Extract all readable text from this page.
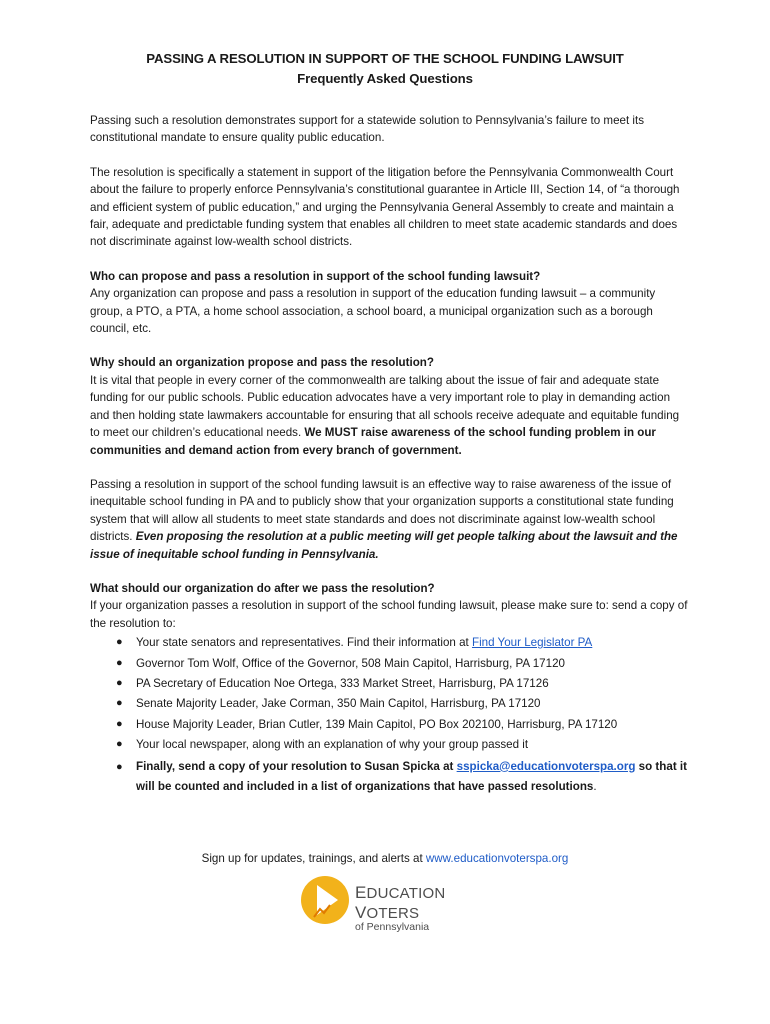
PASSING A RESOLUTION IN SUPPORT OF THE SCHOOL FUNDING LAWSUIT
Frequently Asked Questions

Passing such a resolution demonstrates support for a statewide solution to Pennsylvania’s failure to meet its constitutional mandate to ensure quality public education.

The resolution is specifically a statement in support of the litigation before the Pennsylvania Commonwealth Court about the failure to properly enforce Pennsylvania’s constitutional guarantee in Article III, Section 14, of “a thorough and efficient system of public education,” and urging the Pennsylvania General Assembly to create and maintain a fair, adequate and predictable funding system that enables all children to meet state academic standards and does not discriminate against low-wealth school districts.

Who can propose and pass a resolution in support of the school funding lawsuit?

Any organization can propose and pass a resolution in support of the education funding lawsuit – a community group, a PTO, a PTA, a home school association, a school board, a municipal organization such as a borough council, etc.

Why should an organization propose and pass the resolution?

It is vital that people in every corner of the commonwealth are talking about the issue of fair and adequate state funding for our public schools. Public education advocates have a very important role to play in demanding action and then holding state lawmakers accountable for ensuring that all schools receive adequate and equitable funding to meet our children’s educational needs. We MUST raise awareness of the school funding problem in our communities and demand action from every branch of government.

Passing a resolution in support of the school funding lawsuit is an effective way to raise awareness of the issue of inequitable school funding in PA and to publicly show that your organization supports a constitutional state funding system that will allow all students to meet state standards and does not discriminate against low-wealth school districts. Even proposing the resolution at a public meeting will get people talking about the lawsuit and the issue of inequitable school funding in Pennsylvania.

What should our organization do after we pass the resolution?

If your organization passes a resolution in support of the school funding lawsuit, please make sure to: send a copy of the resolution to:

● Your state senators and representatives. Find their information at Find Your Legislator PA
● Governor Tom Wolf, Office of the Governor, 508 Main Capitol, Harrisburg, PA 17120
● PA Secretary of Education Noe Ortega, 333 Market Street, Harrisburg, PA 17126
● Senate Majority Leader, Jake Corman, 350 Main Capitol, Harrisburg, PA 17120
● House Majority Leader, Brian Cutler, 139 Main Capitol, PO Box 202100, Harrisburg, PA 17120
● Your local newspaper, along with an explanation of why your group passed it
● Finally, send a copy of your resolution to Susan Spicka at sspicka@educationvoterspa.org so that it will be counted and included in a list of organizations that have passed resolutions.
Sign up for updates, trainings, and alerts at www.educationvoterspa.org
EDUCATION VOTERS
of Pennsylvania
